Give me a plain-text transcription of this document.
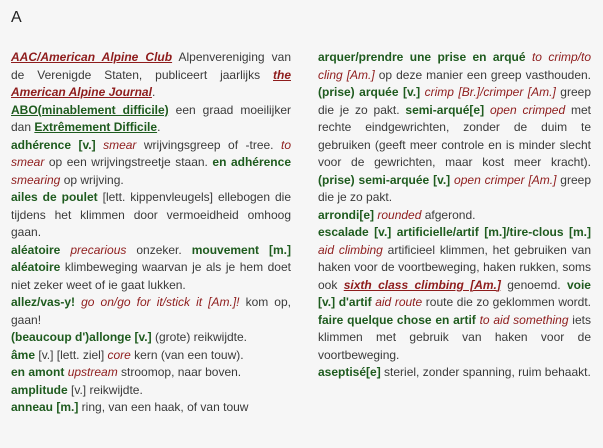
A

AAC/American Alpine Club Alpenvereniging van de Verenigde Staten, publiceert jaarlijks the American Alpine Journal.

ABO(minablement difficile) een graad moeilijker dan Extrêmement Difficile.

adhérence [v.] smear wrijvingsgreep of -tree. to smear op een wrijvingstreetje staan. en adhérence smearing op wrijving.

ailes de poulet [lett. kippenvleugels] ellebogen die tijdens het klimmen door vermoeidheid omhoog gaan.

aléatoire precarious onzeker. mouvement [m.] aléatoire klimbeweging waarvan je als je hem doet niet zeker weet of ie gaat lukken.

allez/vas-y! go on/go for it/stick it [Am.]! kom op, gaan!

(beaucoup d')allonge [v.] (grote) reikwijdte.

âme [v.] [lett. ziel] core kern (van een touw).

en amont upstream stroomop, naar boven.

amplitude [v.] reikwijdte.

anneau [m.] ring, van een haak, of van touw

arquer/prendre une prise en arqué to crimp/to cling [Am.] op deze manier een greep vasthouden. (prise) arquée [v.] crimp [Br.]/crimper [Am.] greep die je zo pakt. semi-arqué[e] open crimped met rechte eindgewrichten, zonder de duim te gebruiken (geeft meer controle en is minder slecht voor de gewrichten, maar kost meer kracht). (prise) semi-arquée [v.] open crimper [Am.] greep die je zo pakt.

arrondi[e] rounded afgerond.

escalade [v.] artificielle/artif [m.]/tire-clous [m.] aid climbing artificieel klimmen, het gebruiken van haken voor de voortbeweging, haken rukken, soms ook sixth class climbing [Am.] genoemd. voie [v.] d'artif aid route route die zo geklommen wordt. faire quelque chose en artif to aid something iets klimmen met gebruik van haken voor de voortbeweging.

aseptisé[e] steriel, zonder spanning, ruim behaakt.
